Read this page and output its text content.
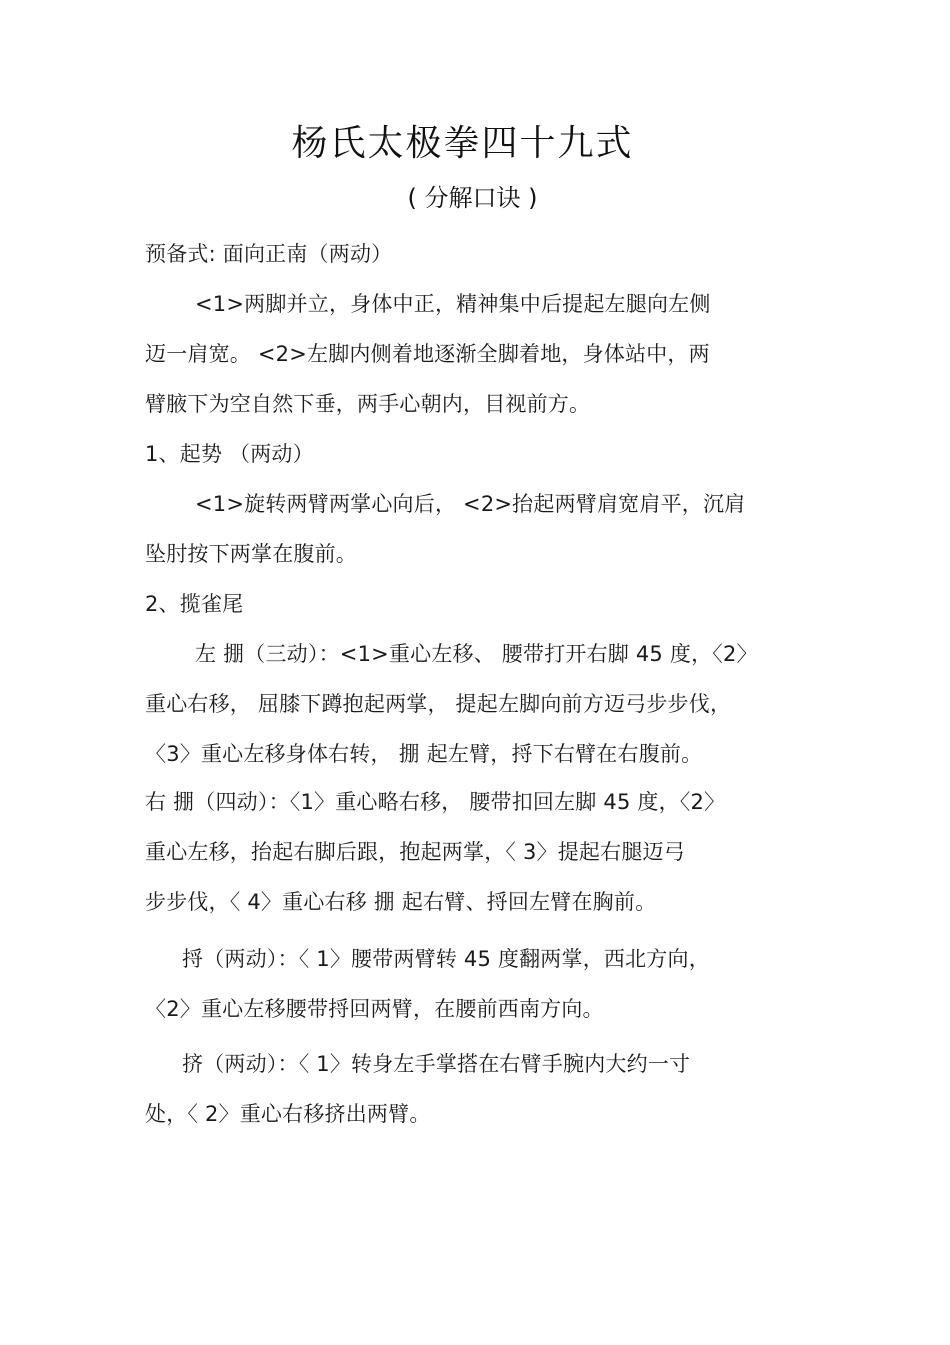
杨氏太极拳四十九式
( 分解口诀 )
预备式: 面向正南（两动）
<1>两脚并立，身体中正，精神集中后提起左腿向左侧
迈一肩宽。 <2>左脚内侧着地逐渐全脚着地，身体站中，两
臂腋下为空自然下垂，两手心朝内，目视前方。
1、起势 （两动）
<1>旋转两臂两掌心向后， <2>抬起两臂肩宽肩平，沉肩
坠肘按下两掌在腹前。
2、揽雀尾
左 掤（三动）：<1>重心左移、 腰带打开右脚 45 度，〈2〉
重心右移， 屈膝下蹲抱起两掌， 提起左脚向前方迈弓步步伐，
〈3〉重心左移身体右转， 掤 起左臂，捋下右臂在右腹前。
右 掤（四动）：〈1〉重心略右移， 腰带扣回左脚 45 度，〈2〉
重心左移，抬起右脚后跟，抱起两掌，〈 3〉提起右腿迈弓
步步伐，〈 4〉重心右移 掤 起右臂、捋回左臂在胸前。
捋（两动）：〈 1〉腰带两臂转 45 度翻两掌，西北方向，
〈2〉重心左移腰带捋回两臂，在腰前西南方向。
挤（两动）：〈 1〉转身左手掌搭在右臂手腕内大约一寸
处，〈 2〉重心右移挤出两臂。
